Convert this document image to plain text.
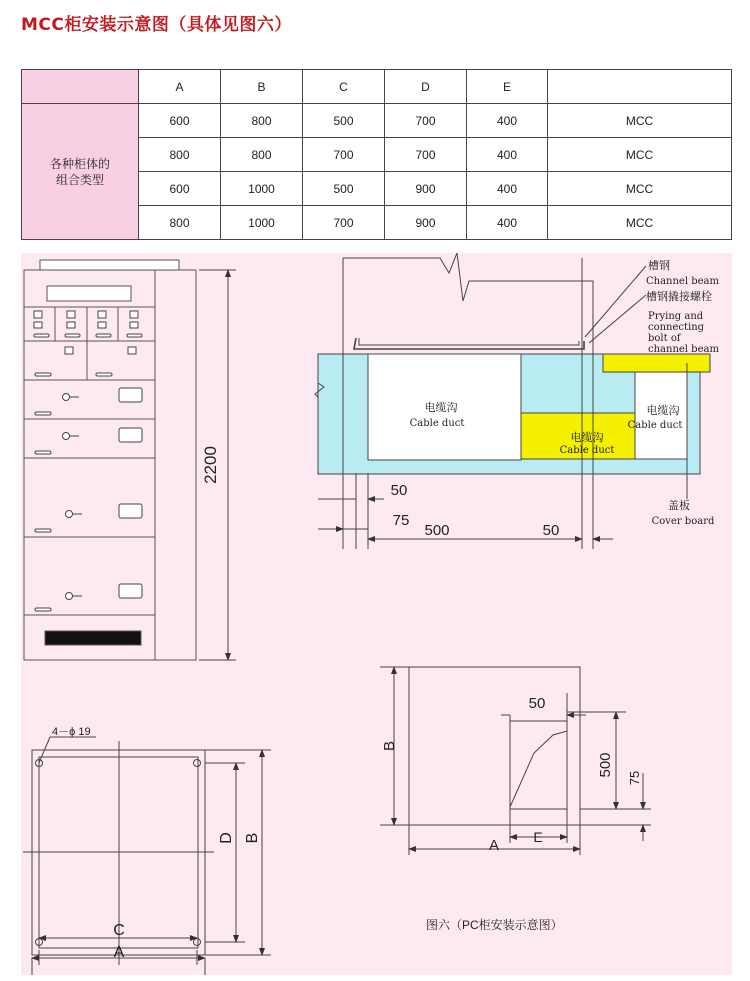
MCC柜安装示意图（具体见图六）
	A	B	C	D	E	
各种柜体的
组合类型	600	800	500	700	400	MCC
	800	800	700	700	400	MCC
	600	1000	500	900	400	MCC
	800	1000	700	900	400	MCC
2200
电缆沟
Cable duct
电缆沟
Cable duct
电缆沟
Cable duct
槽钢
Channel beam
槽钢撬接螺栓
Prying and
connecting
bolt of
channel beam
盖板
Cover board
50
75
500	50
4－ϕ 19
C
A
D B
B
50
500
75
A E
图六（PC柜安装示意图）
